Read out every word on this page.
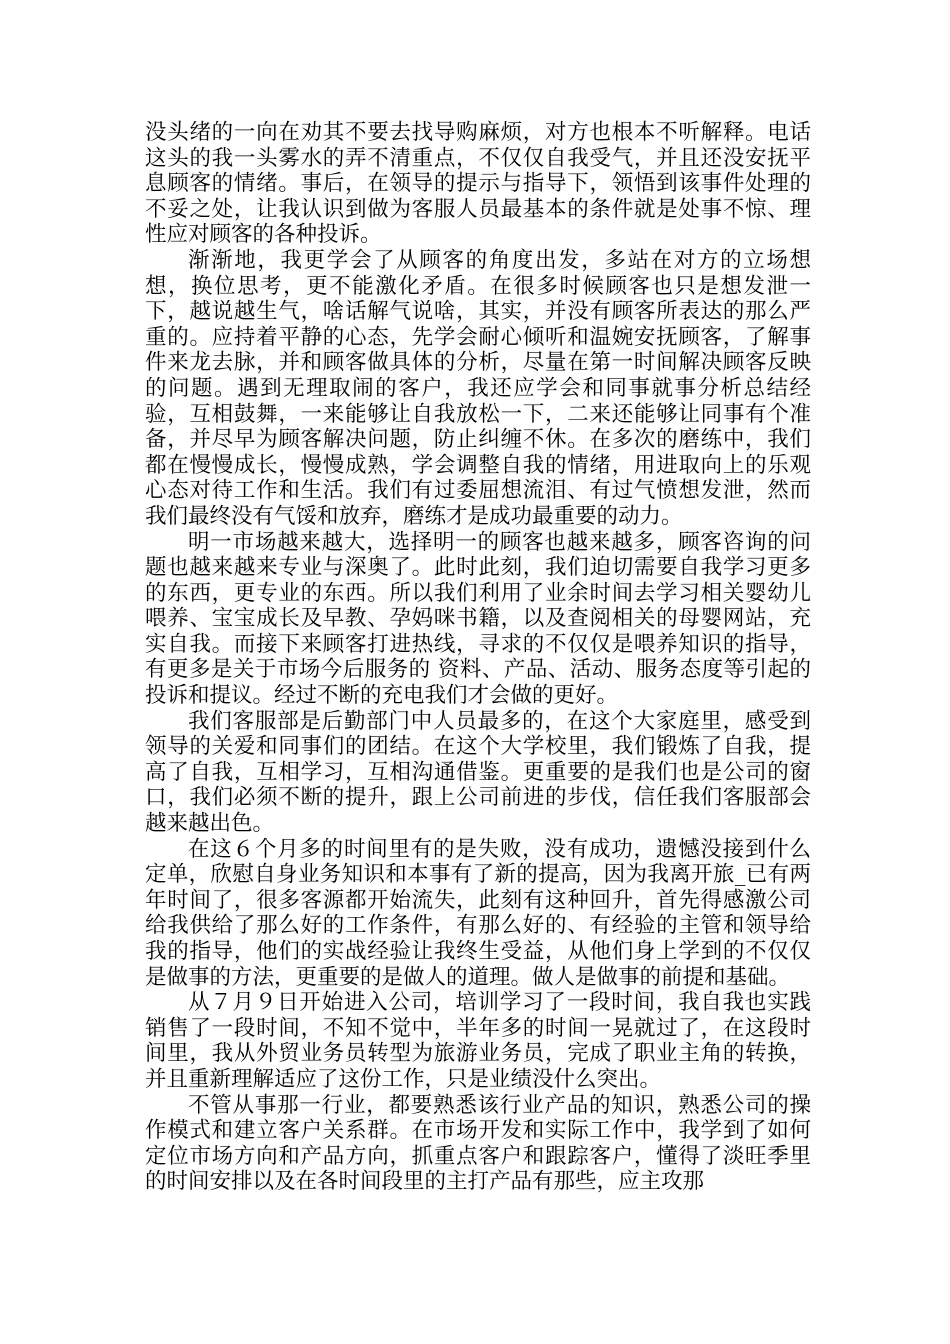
没头绪的一向在劝其不要去找导购麻烦，对方也根本不听解释。电话这头的我一头雾水的弄不清重点，不仅仅自我受气，并且还没安抚平息顾客的情绪。事后，在领导的提示与指导下，领悟到该事件处理的不妥之处，让我认识到做为客服人员最基本的条件就是处事不惊、理性应对顾客的各种投诉。

渐渐地，我更学会了从顾客的角度出发，多站在对方的立场想想，换位思考，更不能激化矛盾。在很多时候顾客也只是想发泄一下，越说越生气，啥话解气说啥，其实，并没有顾客所表达的那么严重的。应持着平静的心态，先学会耐心倾听和温婉安抚顾客，了解事件来龙去脉，并和顾客做具体的分析，尽量在第一时间解决顾客反映的问题。遇到无理取闹的客户，我还应学会和同事就事分析总结经验，互相鼓舞，一来能够让自我放松一下，二来还能够让同事有个准备，并尽早为顾客解决问题，防止纠缠不休。在多次的磨练中，我们都在慢慢成长，慢慢成熟，学会调整自我的情绪，用进取向上的乐观心态对待工作和生活。我们有过委屈想流泪、有过气愤想发泄，然而我们最终没有气馁和放弃，磨练才是成功最重要的动力。

明一市场越来越大，选择明一的顾客也越来越多，顾客咨询的问题也越来越来专业与深奥了。此时此刻，我们迫切需要自我学习更多的东西，更专业的东西。所以我们利用了业余时间去学习相关婴幼儿喂养、宝宝成长及早教、孕妈咪书籍，以及查阅相关的母婴网站，充实自我。而接下来顾客打进热线，寻求的不仅仅是喂养知识的指导，有更多是关于市场今后服务的 资料、产品、活动、服务态度等引起的投诉和提议。经过不断的充电我们才会做的更好。

我们客服部是后勤部门中人员最多的，在这个大家庭里，感受到领导的关爱和同事们的团结。在这个大学校里，我们锻炼了自我，提高了自我，互相学习，互相沟通借鉴。更重要的是我们也是公司的窗口，我们必须不断的提升，跟上公司前进的步伐，信任我们客服部会越来越出色。

在这６个月多的时间里有的是失败，没有成功，遗憾没接到什么定单，欣慰自身业务知识和本事有了新的提高，因为我离开旅_已有两年时间了，很多客源都开始流失，此刻有这种回升，首先得感激公司给我供给了那么好的工作条件，有那么好的、有经验的主管和领导给我的指导，他们的实战经验让我终生受益，从他们身上学到的不仅仅是做事的方法，更重要的是做人的道理。做人是做事的前提和基础。

从７月９日开始进入公司，培训学习了一段时间，我自我也实践销售了一段时间，不知不觉中，半年多的时间一晃就过了，在这段时间里，我从外贸业务员转型为旅游业务员，完成了职业主角的转换，并且重新理解适应了这份工作，只是业绩没什么突出。

不管从事那一行业，都要熟悉该行业产品的知识，熟悉公司的操作模式和建立客户关系群。在市场开发和实际工作中，我学到了如何定位市场方向和产品方向，抓重点客户和跟踪客户，懂得了淡旺季里的时间安排以及在各时间段里的主打产品有那些，应主攻那
